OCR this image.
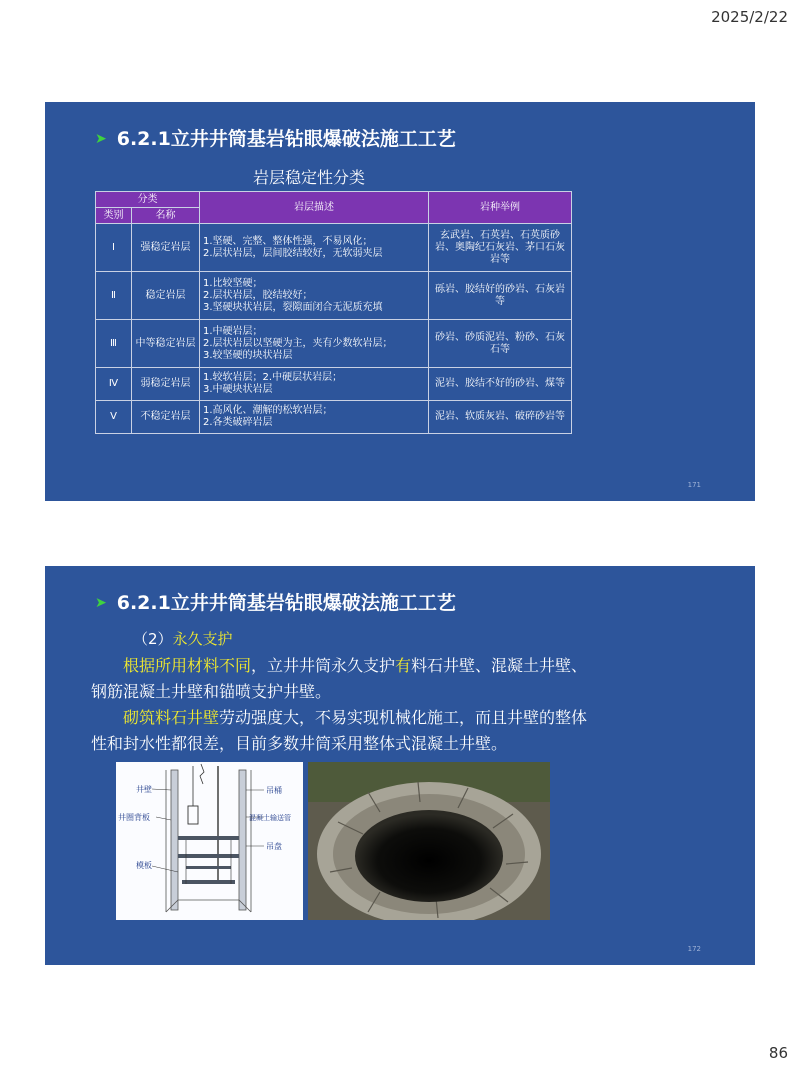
2025/2/22
➤ 6.2.1立井井筒基岩钻眼爆破法施工工艺
岩层稳定性分类
分类		岩层描述	岩种举例
类别	名称		
Ⅰ	强稳定岩层	1.坚硬、完整、整体性强，不易风化；
2.层状岩层，层间胶结较好，无软弱夹层	玄武岩、石英岩、石英质砂岩、奥陶纪石灰岩、茅口石灰岩等
Ⅱ	稳定岩层	1.比较坚硬；
2.层状岩层，胶结较好；
3.坚硬块状岩层，裂隙面闭合无泥质充填	砾岩、胶结好的砂岩、石灰岩等
Ⅲ	中等稳定岩层	1.中硬岩层；
2.层状岩层以坚硬为主，夹有少数软岩层；
3.较坚硬的块状岩层	砂岩、砂质泥岩、粉砂、石灰石等
Ⅳ	弱稳定岩层	1.较软岩层；2.中硬层状岩层；
3.中硬块状岩层	泥岩、胶结不好的砂岩、煤等
Ⅴ	不稳定岩层	1.高风化、潮解的松软岩层；
2.各类破碎岩层	泥岩、软质灰岩、破碎砂岩等
171
➤ 6.2.1立井井筒基岩钻眼爆破法施工工艺
（2）永久支护
根据所用材料不同，立井井筒永久支护有料石井壁、混凝土井壁、钢筋混凝土井壁和锚喷支护井壁。
砌筑料石井壁劳动强度大，不易实现机械化施工，而且井壁的整体性和封水性都很差，目前多数井筒采用整体式混凝土井壁。
井壁
井圈背板
模板
吊桶
混凝土输送管
吊盘
172
86
